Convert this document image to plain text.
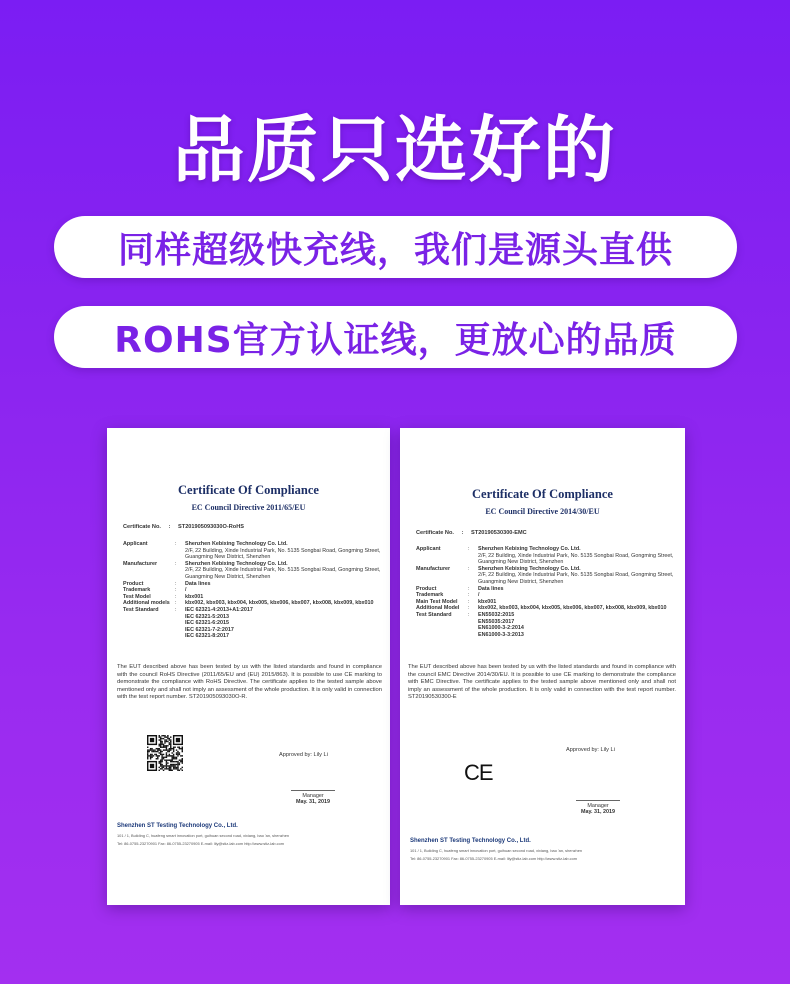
品质只选好的
同样超级快充线，我们是源头直供
ROHS官方认证线，更放心的品质
Certificate Of Compliance
EC Council Directive 2011/65/EU
Certificate No. : ST201905093030O-RoHS
Applicant	:	Shenzhen Kebixing Technology Co. Ltd.
2/F, 22 Building, Xinde Industrial Park, No. 5135 Songbai Road, Gongming Street, Guangming New District, Shenzhen
Manufacturer	:	Shenzhen Kebixing Technology Co. Ltd.
2/F, 22 Building, Xinde Industrial Park, No. 5135 Songbai Road, Gongming Street, Guangming New District, Shenzhen
Product	:	Data lines
Trademark	:	/
Test Model	:	kbx001
Additional models :	kbx002, kbx003, kbx004, kbx005, kbx006, kbx007, kbx008, kbx009, kbx010
Test Standard	:	IEC 62321-4:2013+A1:2017
IEC 62321-5:2013
IEC 62321-6:2015
IEC 62321-7-2:2017
IEC 62321-8:2017
The EUT described above has been tested by us with the listed standards and found in compliance with the council RoHS Directive (2011/65/EU and (EU) 2015/863). It is possible to use CE marking to demonstrate the compliance with RoHS Directive. The certificate applies to the tested sample above mentioned only and shall not imply an assessment of the whole production. It is only valid in connection with the test report number. ST201905093030O-R.
Approved by: Lily Li
Manager
May. 31, 2019
Shenzhen ST Testing Technology Co., Ltd.
101 / 1, Building C, huafeng smart innovation port, guihuan second road, xixiang, bao 'an, shenzhen
Tel: 86-0755-23270901 Fax: 86-0755-23270905 E-mail: lily@stiz-lab.com http://www.stiz-lab.com
Certificate Of Compliance
EC Council Directive 2014/30/EU
Certificate No. : ST20190530300-EMC
Applicant	:	Shenzhen Kebixing Technology Co. Ltd.
2/F, 22 Building, Xinde Industrial Park, No. 5135 Songbai Road, Gongming Street, Guangming New District, Shenzhen
Manufacturer	:	Shenzhen Kebixing Technology Co. Ltd.
2/F, 22 Building, Xinde Industrial Park, No. 5135 Songbai Road, Gongming Street, Guangming New District, Shenzhen
Product	:	Data lines
Trademark	:	/
Main Test Model	:	kbx001
Additional Model	:	kbx002, kbx003, kbx004, kbx005, kbx006, kbx007, kbx008, kbx009, kbx010
Test Standard	:	EN55032:2015
EN55035:2017
EN61000-3-2:2014
EN61000-3-3:2013
The EUT described above has been tested by us with the listed standards and found in compliance with the council EMC Directive 2014/30/EU. It is possible to use CE marking to demonstrate the compliance with EMC Directive. The certificate applies to the tested sample above mentioned only and shall not imply an assessment of the whole production. It is only valid in connection with the test report number. ST20190530300-E
Approved by: Lily Li
CE
Manager
May. 31, 2019
Shenzhen ST Testing Technology Co., Ltd.
101 / 1, Building C, huafeng smart innovation port, guihuan second road, xixiang, bao 'an, shenzhen
Tel: 86-0755-23270901 Fax: 86-0755-23270905 E-mail: lily@stiz-lab.com http://www.stiz-lab.com
